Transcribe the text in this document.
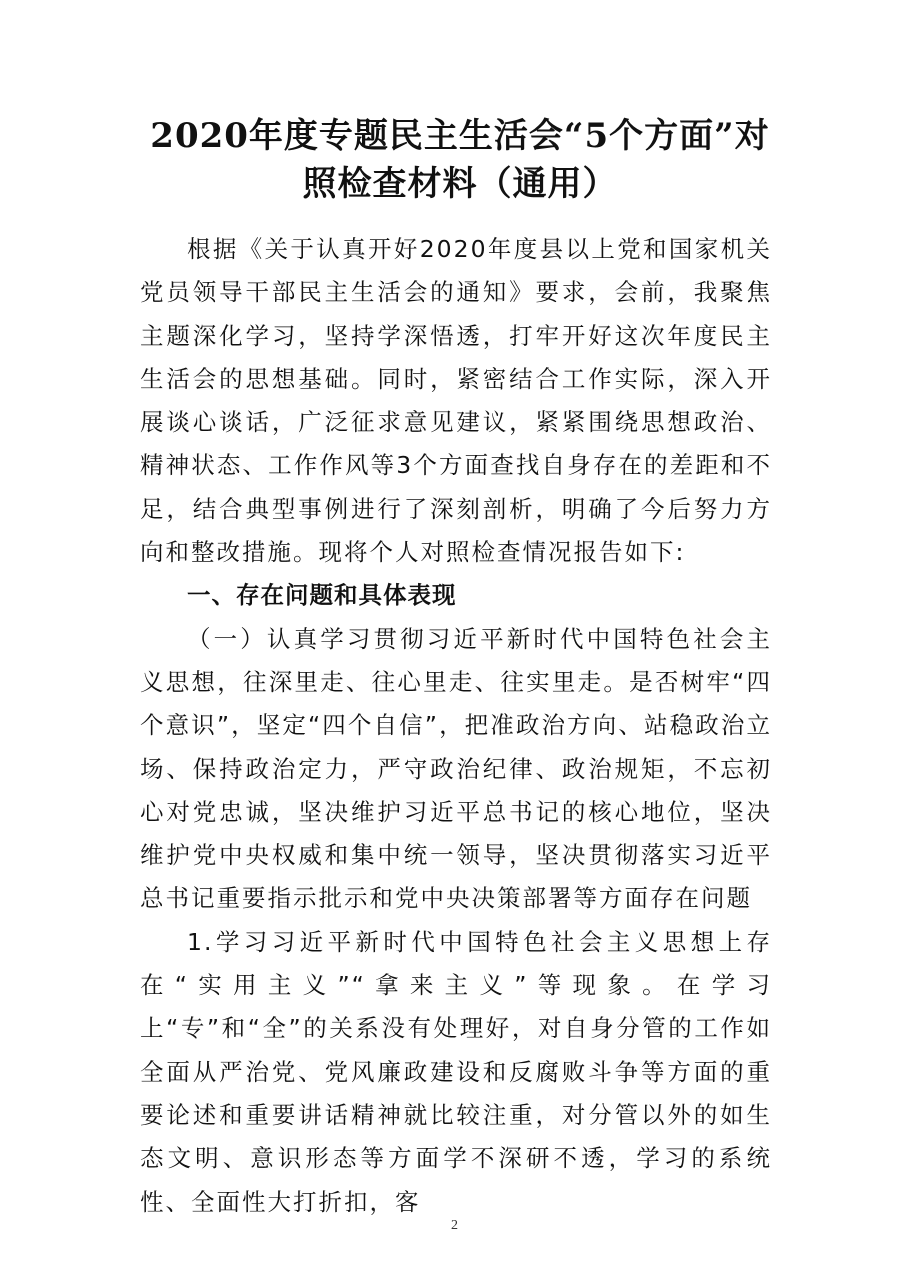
2020年度专题民主生活会“5个方面”对
照检查材料（通用）

根据《关于认真开好2020年度县以上党和国家机关党员领导干部民主生活会的通知》要求，会前，我聚焦主题深化学习，坚持学深悟透，打牢开好这次年度民主生活会的思想基础。同时，紧密结合工作实际，深入开展谈心谈话，广泛征求意见建议，紧紧围绕思想政治、精神状态、工作作风等3个方面查找自身存在的差距和不足，结合典型事例进行了深刻剖析，明确了今后努力方向和整改措施。现将个人对照检查情况报告如下:

一、存在问题和具体表现

（一）认真学习贯彻习近平新时代中国特色社会主义思想，往深里走、往心里走、往实里走。是否树牢“四个意识”，坚定“四个自信”，把准政治方向、站稳政治立场、保持政治定力，严守政治纪律、政治规矩，不忘初心对党忠诚，坚决维护习近平总书记的核心地位，坚决维护党中央权威和集中统一领导，坚决贯彻落实习近平总书记重要指示批示和党中央决策部署等方面存在问题

1.学习习近平新时代中国特色社会主义思想上存在“实用主义”“拿来主义”等现象。在学习上“专”和“全”的关系没有处理好，对自身分管的工作如全面从严治党、党风廉政建设和反腐败斗争等方面的重要论述和重要讲话精神就比较注重，对分管以外的如生态文明、意识形态等方面学不深研不透，学习的系统性、全面性大打折扣，客

2
